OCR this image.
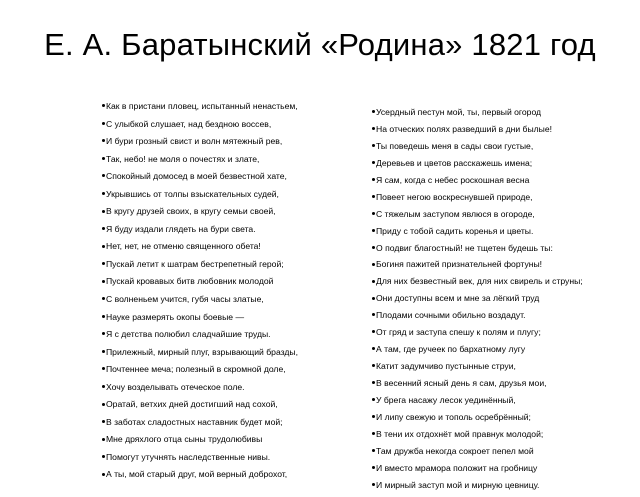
Е. А. Баратынский «Родина» 1821 год
Как в пристани пловец, испытанный ненастьем,
С улыбкой слушает, над бездною воссев,
И бури грозный свист и волн мятежный рев,
Так, небо! не моля о почестях и злате,
Спокойный домосед в моей безвестной хате,
Укрывшись от толпы взыскательных судей,
В кругу друзей своих, в кругу семьи своей,
Я буду издали глядеть на бури света.
Нет, нет, не отменю священного обета!
Пускай летит к шатрам бестрепетный герой;
Пускай кровавых битв любовник молодой
С волненьем учится, губя часы златые,
Науке размерять окопы боевые —
Я с детства полюбил сладчайшие труды.
Прилежный, мирный плуг, взрывающий бразды,
Почтеннее меча; полезный в скромной доле,
Хочу возделывать отеческое поле.
Оратай, ветхих дней достигший над сохой,
В заботах сладостных наставник будет мой;
Мне дряхлого отца сыны трудолюбивы
Помогут утучнять наследственные нивы.
А ты, мой старый друг, мой верный доброхот,
Усердный пестун мой, ты, первый огород
На отческих полях разведший в дни былые!
Ты поведешь меня в сады свои густые,
Деревьев и цветов расскажешь имена;
Я сам, когда с небес роскошная весна
Повеет негою воскреснувшей природе,
С тяжелым заступом явлюся в огороде,
Приду с тобой садить коренья и цветы.
О подвиг благостный! не тщетен будешь ты:
Богиня пажитей признательней фортуны!
Для них безвестный век, для них свирель и струны;
Они доступны всем и мне за лёгкий труд
Плодами сочными обильно воздадут.
От гряд и заступа спешу к полям и плугу;
А там, где ручеек по бархатному лугу
Катит задумчиво пустынные струи,
В весенний ясный день я сам, друзья мои,
У брега насажу лесок уединённый,
И липу свежую и тополь осребрённый;
В тени их отдохнёт мой правнук молодой;
Там дружба некогда сокроет пепел мой
И вместо мрамора положит на гробницу
И мирный заступ мой и мирную цевницу.
